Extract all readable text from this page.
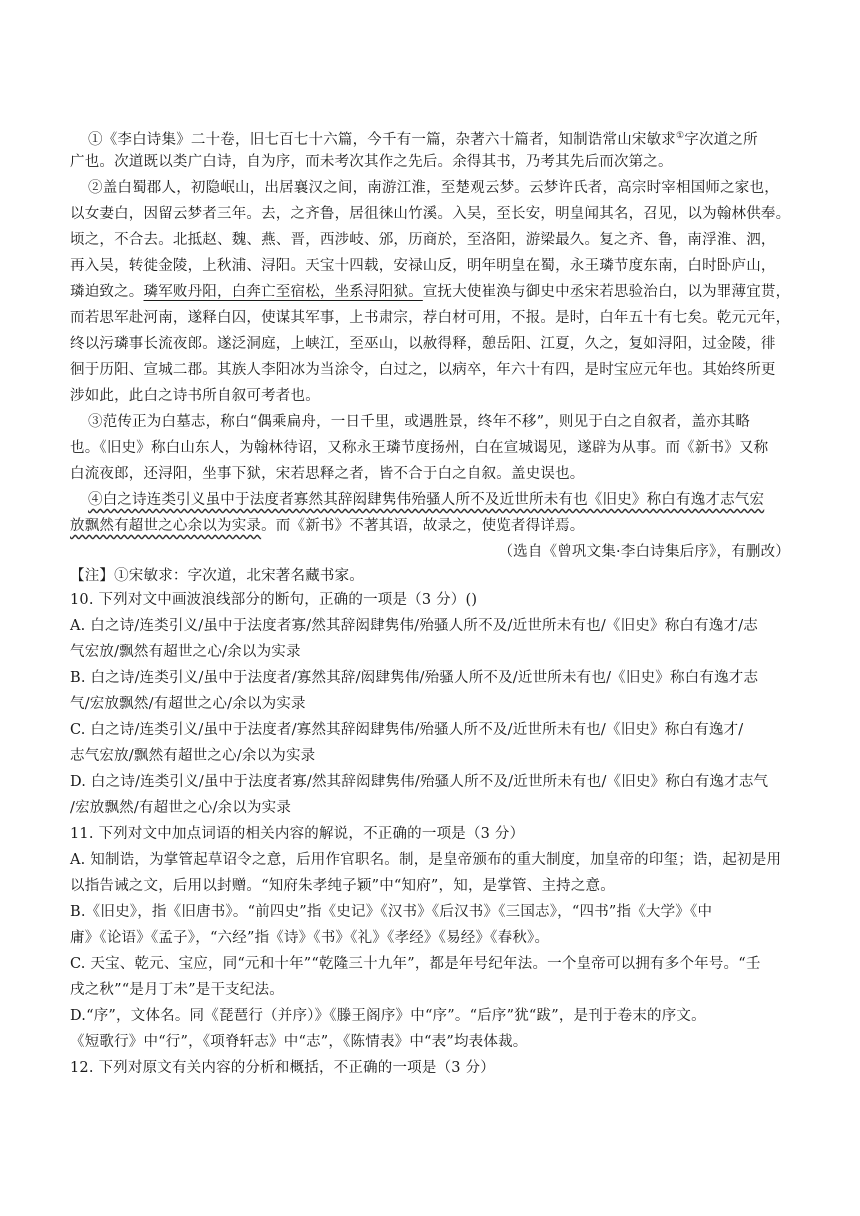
①《李白诗集》二十卷，旧七百七十六篇，今千有一篇，杂著六十篇者，知制诰常山宋敏求①字次道之所
广也。次道既以类广白诗，自为序，而未考次其作之先后。余得其书，乃考其先后而次第之。
②盖白蜀郡人，初隐岷山，出居襄汉之间，南游江淮，至楚观云梦。云梦许氏者，高宗时宰相国师之家也，
以女妻白，因留云梦者三年。去，之齐鲁，居徂徕山竹溪。入吴，至长安，明皇闻其名，召见，以为翰林供奉。
顷之，不合去。北抵赵、魏、燕、晋，西涉岐、邠，历商於，至洛阳，游梁最久。复之齐、鲁，南浮淮、泗，
再入吴，转徙金陵，上秋浦、浔阳。天宝十四载，安禄山反，明年明皇在蜀，永王璘节度东南，白时卧庐山，
璘迫致之。璘军败丹阳，白奔亡至宿松，坐系浔阳狱。宣抚大使崔涣与御史中丞宋若思验治白，以为罪薄宜贳，
而若思军赴河南，遂释白囚，使谋其军事，上书肃宗，荐白材可用，不报。是时，白年五十有七矣。乾元元年，
终以污璘事长流夜郎。遂泛洞庭，上峡江，至巫山，以赦得释，憩岳阳、江夏，久之，复如浔阳，过金陵，徘
徊于历阳、宣城二郡。其族人李阳冰为当涂令，白过之，以病卒，年六十有四，是时宝应元年也。其始终所更
涉如此，此白之诗书所自叙可考者也。
③范传正为白墓志，称白“偶乘扁舟，一日千里，或遇胜景，终年不移”，则见于白之自叙者，盖亦其略
也。《旧史》称白山东人，为翰林待诏，又称永王璘节度扬州，白在宣城谒见，遂辟为从事。而《新书》又称
白流夜郎，还浔阳，坐事下狱，宋若思释之者，皆不合于白之自叙。盖史误也。
④白之诗连类引义虽中于法度者寡然其辞闳肆隽伟殆骚人所不及近世所未有也《旧史》称白有逸才志气宏
放飘然有超世之心余以为实录。而《新书》不著其语，故录之，使览者得详焉。
（选自《曾巩文集·李白诗集后序》，有删改）
【注】①宋敏求：字次道，北宋著名藏书家。
10. 下列对文中画波浪线部分的断句，正确的一项是（3 分）()
A. 白之诗/连类引义/虽中于法度者寡/然其辞闳肆隽伟/殆骚人所不及/近世所未有也/《旧史》称白有逸才/志
气宏放/飘然有超世之心/余以为实录
B. 白之诗/连类引义/虽中于法度者/寡然其辞/闳肆隽伟/殆骚人所不及/近世所未有也/《旧史》称白有逸才志
气/宏放飘然/有超世之心/余以为实录
C. 白之诗/连类引义/虽中于法度者/寡然其辞闳肆隽伟/殆骚人所不及/近世所未有也/《旧史》称白有逸才/
志气宏放/飘然有超世之心/余以为实录
D. 白之诗/连类引义/虽中于法度者寡/然其辞闳肆隽伟/殆骚人所不及/近世所未有也/《旧史》称白有逸才志气
/宏放飘然/有超世之心/余以为实录
11. 下列对文中加点词语的相关内容的解说，不正确的一项是（3 分）
A. 知制诰，为掌管起草诏令之意，后用作官职名。制，是皇帝颁布的重大制度，加皇帝的印玺；诰，起初是用
以指告诫之文，后用以封赠。“知府朱孝纯子颖”中“知府”，知，是掌管、主持之意。
B.《旧史》，指《旧唐书》。“前四史”指《史记》《汉书》《后汉书》《三国志》，“四书”指《大学》《中
庸》《论语》《孟子》，“六经”指《诗》《书》《礼》《孝经》《易经》《春秋》。
C. 天宝、乾元、宝应，同“元和十年”“乾隆三十九年”，都是年号纪年法。一个皇帝可以拥有多个年号。“壬
戌之秋”“是月丁未”是干支纪法。
D.“序”，文体名。同《琵琶行（并序）》《滕王阁序》中“序”。“后序”犹“跋”，是刊于卷末的序文。
《短歌行》中“行”，《项脊轩志》中“志”，《陈情表》中“表”均表体裁。
12. 下列对原文有关内容的分析和概括，不正确的一项是（3 分）
